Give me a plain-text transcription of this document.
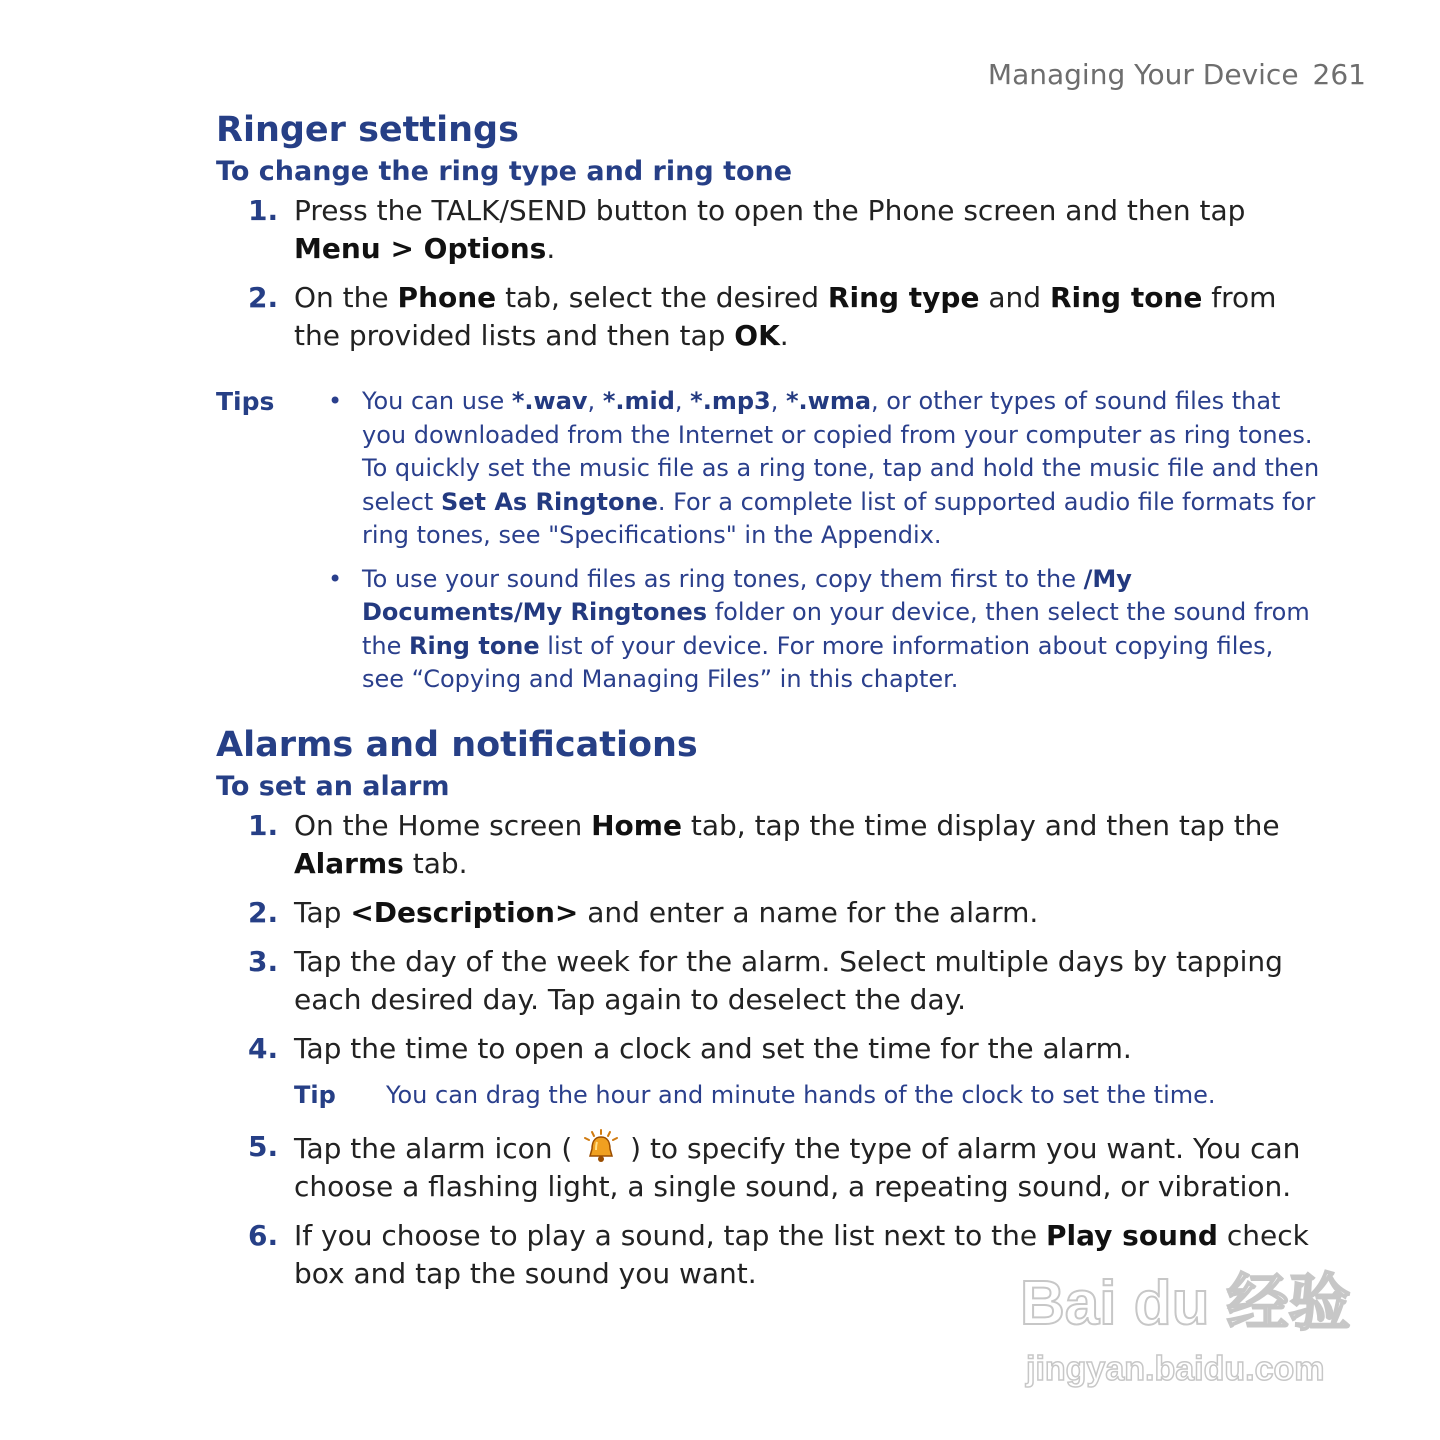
Managing Your Device 261
Ringer settings
To change the ring type and ring tone
1. Press the TALK/SEND button to open the Phone screen and then tap Menu > Options.
2. On the Phone tab, select the desired Ring type and Ring tone from the provided lists and then tap OK.
Tips • You can use *.wav, *.mid, *.mp3, *.wma, or other types of sound files that you downloaded from the Internet or copied from your computer as ring tones. To quickly set the music file as a ring tone, tap and hold the music file and then select Set As Ringtone. For a complete list of supported audio file formats for ring tones, see "Specifications" in the Appendix.
• To use your sound files as ring tones, copy them first to the /My Documents/My Ringtones folder on your device, then select the sound from the Ring tone list of your device. For more information about copying files, see “Copying and Managing Files” in this chapter.
Alarms and notifications
To set an alarm
1. On the Home screen Home tab, tap the time display and then tap the Alarms tab.
2. Tap <Description> and enter a name for the alarm.
3. Tap the day of the week for the alarm. Select multiple days by tapping each desired day. Tap again to deselect the day.
4. Tap the time to open a clock and set the time for the alarm.
Tip You can drag the hour and minute hands of the clock to set the time.
5. Tap the alarm icon (  ) to specify the type of alarm you want. You can choose a flashing light, a single sound, a repeating sound, or vibration.
6. If you choose to play a sound, tap the list next to the Play sound check box and tap the sound you want.	Bai du 经验
jingyan.baidu.com
